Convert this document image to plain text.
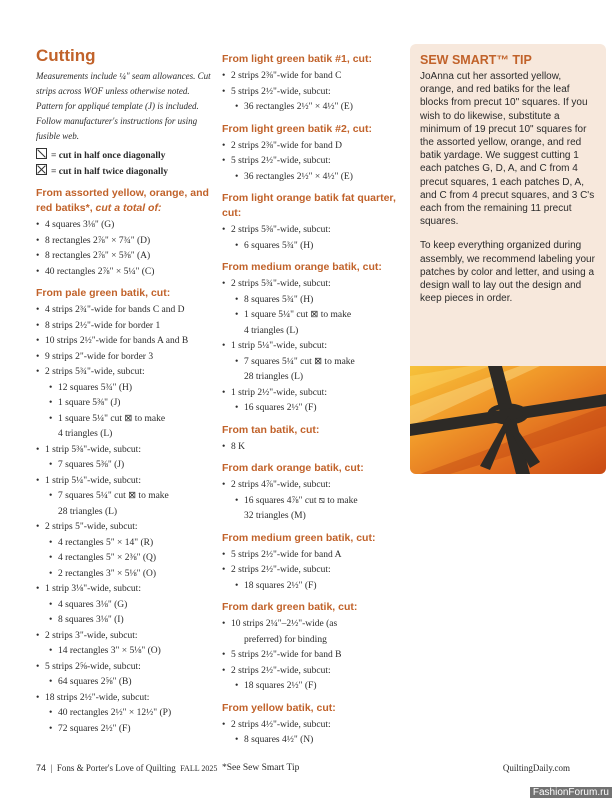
Cutting

Measurements include ¼" seam allowances. Cut strips across WOF unless otherwise noted. Pattern for appliqué template (J) is included. Follow manufacturer's instructions for using fusible web.

= cut in half once diagonally
= cut in half twice diagonally
From assorted yellow, orange, and red batiks*, cut a total of:
• 4 squares 3⅛" (G)
• 8 rectangles 2⅞" × 7¾" (D)
• 8 rectangles 2⅞" × 5⅜" (A)
• 40 rectangles 2⅞" × 5¼" (C)
From pale green batik, cut:
• 4 strips 2¾"-wide for bands C and D
• 8 strips 2½"-wide for border 1
• 10 strips 2½"-wide for bands A and B
• 9 strips 2"-wide for border 3
• 2 strips 5¾"-wide, subcut:
• 12 squares 5¾" (H)
• 1 square 5⅜" (J)
• 1 square 5¼" cut ⊠ to make
4 triangles (L)
• 1 strip 5⅜"-wide, subcut:
• 7 squares 5⅜" (J)
• 1 strip 5¼"-wide, subcut:
• 7 squares 5¼" cut ⊠ to make
28 triangles (L)
• 2 strips 5"-wide, subcut:
• 4 rectangles 5" × 14" (R)
• 4 rectangles 5" × 2⅜" (Q)
• 2 rectangles 3" × 5⅛" (O)
• 1 strip 3⅛"-wide, subcut:
• 4 squares 3⅛" (G)
• 8 squares 3⅛" (I)
• 2 strips 3"-wide, subcut:
• 14 rectangles 3" × 5⅛" (O)
• 5 strips 2⅝-wide, subcut:
• 64 squares 2⅝" (B)
• 18 strips 2½"-wide, subcut:
• 40 rectangles 2½" × 12½" (P)
• 72 squares 2½" (F)
From light green batik #1, cut:
• 2 strips 2⅜"-wide for band C
• 5 strips 2½"-wide, subcut:
• 36 rectangles 2½" × 4½" (E)
From light green batik #2, cut:
• 2 strips 2⅜"-wide for band D
• 5 strips 2½"-wide, subcut:
• 36 rectangles 2½" × 4½" (E)
From light orange batik fat quarter, cut:
• 2 strips 5⅜"-wide, subcut:
• 6 squares 5¾" (H)
From medium orange batik, cut:
• 2 strips 5¾"-wide, subcut:
• 8 squares 5¾" (H)
• 1 square 5¼" cut ⊠ to make
4 triangles (L)
• 1 strip 5¼"-wide, subcut:
• 7 squares 5¼" cut ⊠ to make
28 triangles (L)
• 1 strip 2½"-wide, subcut:
• 16 squares 2½" (F)
From tan batik, cut:
• 8 K
From dark orange batik, cut:
• 2 strips 4⅞"-wide, subcut:
• 16 squares 4⅞" cut ⧅ to make
32 triangles (M)
From medium green batik, cut:
• 5 strips 2½"-wide for band A
• 2 strips 2½"-wide, subcut:
• 18 squares 2½" (F)
From dark green batik, cut:
• 10 strips 2¼"–2½"-wide (as
preferred) for binding
• 5 strips 2½"-wide for band B
• 2 strips 2½"-wide, subcut:
• 18 squares 2½" (F)
From yellow batik, cut:
• 2 strips 4½"-wide, subcut:
• 8 squares 4½" (N)
*See Sew Smart Tip
SEW SMART™ TIP

JoAnna cut her assorted yellow, orange, and red batiks for the leaf blocks from precut 10" squares. If you wish to do likewise, substitute a minimum of 19 precut 10" squares for the assorted yellow, orange, and red batik yardage. We suggest cutting 1 each patches G, D, A, and C from 4 precut squares, 1 each patches D, A, and C from 4 precut squares, and 3 C's each from the remaining 11 precut squares.

To keep everything organized during assembly, we recommend labeling your patches by color and letter, and using a design wall to lay out the design and keep pieces in order.

74  |  Fons & Porter's Love of Quilting FALL 2025	QuiltingDaily.com
FashionForum.ru
